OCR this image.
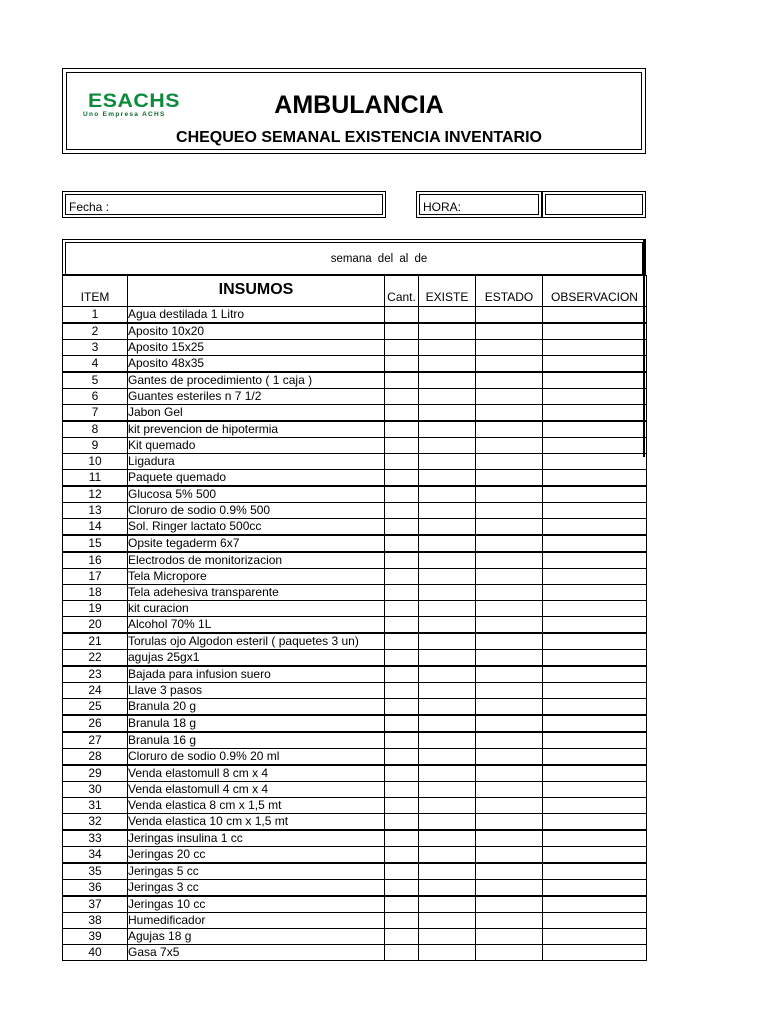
ESACHS
Uno Empresa ACHS	AMBULANCIA
CHEQUEO SEMANAL EXISTENCIA INVENTARIO
Fecha :	HORA:
semana del al de
ITEM	INSUMOS	Cant.	EXISTE	ESTADO	OBSERVACION
1	Agua destilada 1 Litro				
2	Aposito 10x20				
3	Aposito 15x25				
4	Aposito 48x35				
5	Gantes de procedimiento ( 1 caja )				
6	Guantes esteriles n 7 1/2				
7	Jabon Gel				
8	kit prevencion de hipotermia				
9	Kit quemado				
10	Ligadura				
11	Paquete quemado				
12	Glucosa 5% 500				
13	Cloruro de sodio 0.9% 500				
14	Sol. Ringer lactato 500cc				
15	Opsite tegaderm 6x7				
16	Electrodos de monitorizacion				
17	Tela Micropore				
18	Tela adehesiva transparente				
19	kit curacion				
20	Alcohol 70% 1L				
21	Torulas ojo Algodon esteril ( paquetes 3 un)				
22	agujas 25gx1				
23	Bajada para infusion suero				
24	Llave 3 pasos				
25	Branula 20 g				
26	Branula 18 g				
27	Branula 16 g				
28	Cloruro de sodio 0.9% 20 ml				
29	Venda elastomull 8 cm x 4				
30	Venda elastomull 4 cm x 4				
31	Venda elastica 8 cm x 1,5 mt				
32	Venda elastica 10 cm x 1,5 mt				
33	Jeringas insulina 1 cc				
34	Jeringas 20 cc				
35	Jeringas 5 cc				
36	Jeringas 3 cc				
37	Jeringas 10 cc				
38	Humedificador				
39	Agujas 18 g				
40	Gasa 7x5				
